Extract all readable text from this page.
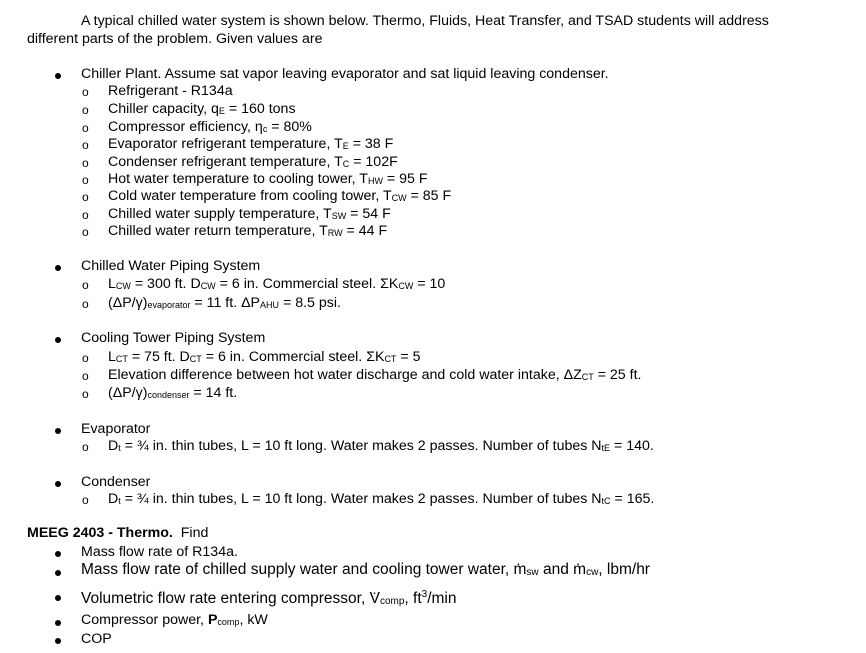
A typical chilled water system is shown below. Thermo, Fluids, Heat Transfer, and TSAD students will address
different parts of the problem. Given values are
Chiller Plant. Assume sat vapor leaving evaporator and sat liquid leaving condenser.
o Refrigerant - R134a
o Chiller capacity, $q_E = 160$ tons
o Compressor efficiency, $\eta_c = 80\%$
o Evaporator refrigerant temperature, $T_E = 38$ F
o Condenser refrigerant temperature, $T_C = 102F$
o Hot water temperature to cooling tower, $T_{HW} = 95$ F
o Cold water temperature from cooling tower, $T_{CW} = 85$ F
o Chilled water supply temperature, $T_{SW} = 54$ F
o Chilled water return temperature, $T_{RW} = 44$ F
Chilled Water Piping System
o $L_{CW} = 300$ ft. $D_{CW} = 6$ in. Commercial steel. $\Sigma K_{CW} = 10$
o $(\Delta P/\gamma)_{evaporator} = 11$ ft. $\Delta P_{AHU} = 8.5$ psi.
Cooling Tower Piping System
o $L_{CT} = 75$ ft. $D_{CT} = 6$ in. Commercial steel. $\Sigma K_{CT} = 5$
o Elevation difference between hot water discharge and cold water intake, $\Delta Z_{CT} = 25$ ft.
o $(\Delta P/\gamma)_{condenser} = 14$ ft.
Evaporator
o $D_t$ = ¾ in. thin tubes, L = 10 ft long. Water makes 2 passes. Number of tubes $N_{tE} = 140$.
Condenser
o $D_t$ = ¾ in. thin tubes, L = 10 ft long. Water makes 2 passes. Number of tubes $N_{tC} = 165$.
MEEG 2403 - Thermo. Find
Mass flow rate of R134a.
Mass flow rate of chilled supply water and cooling tower water, . $m_{sw}$ and . $m_{cw}$, lbm/hr
Volumetric flow rate entering compressor, . $V_{comp}$, $ft^3/\min$
Compressor power, $P_{comp}$, kW
COP
